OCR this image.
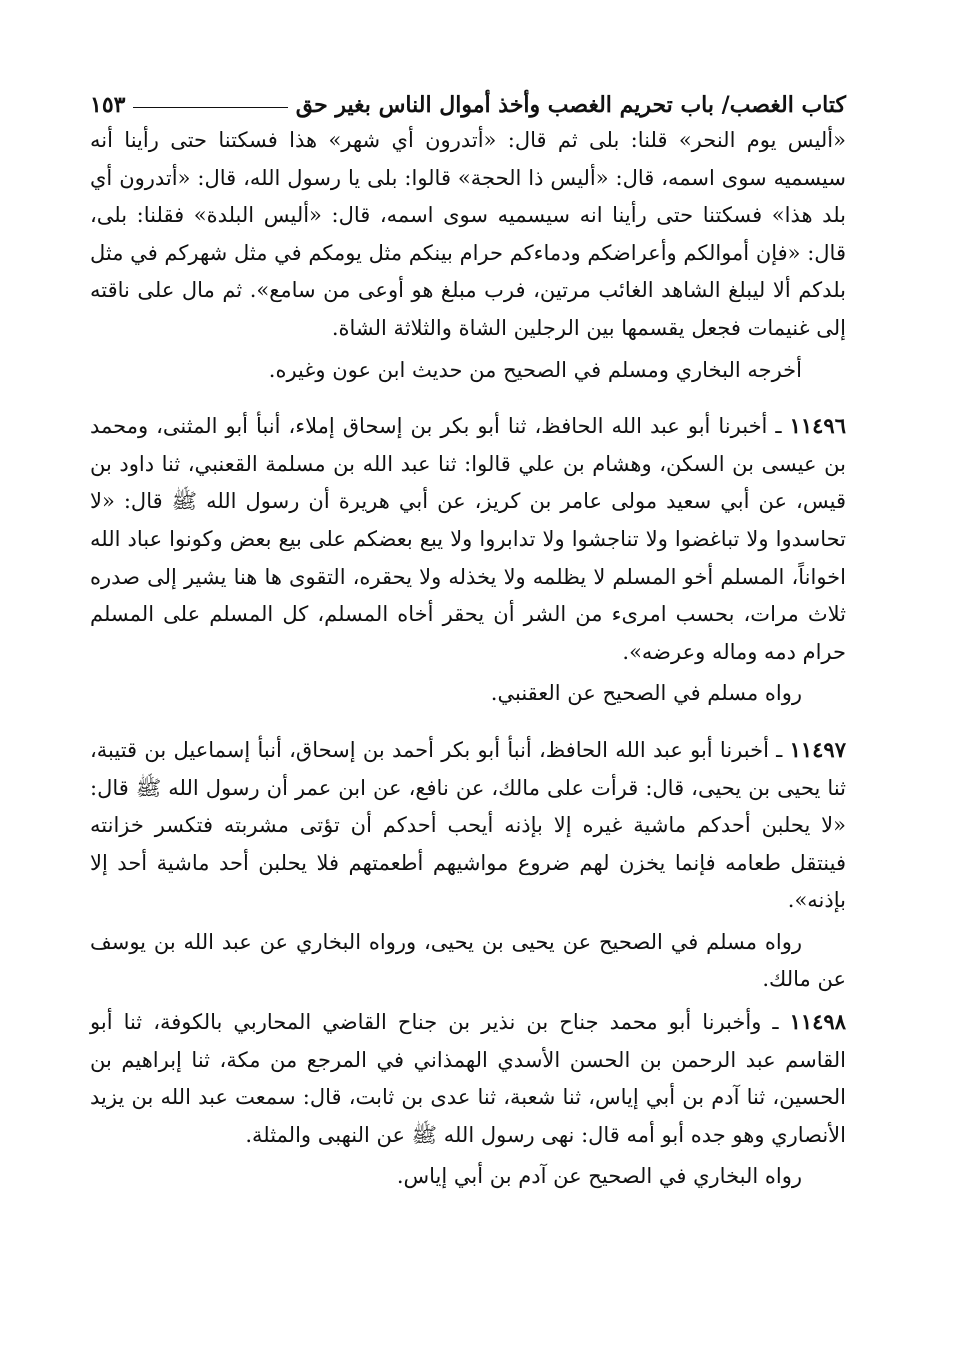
كتاب الغصب/ باب تحريم الغصب وأخذ أموال الناس بغير حق
١٥٣

«أليس يوم النحر» قلنا: بلى ثم قال: «أتدرون أي شهر» هذا فسكتنا حتى رأينا أنه سيسميه سوى اسمه، قال: «أليس ذا الحجة» قالوا: بلى يا رسول الله، قال: «أتدرون أي بلد هذا» فسكتنا حتى رأينا انه سيسميه سوى اسمه، قال: «أليس البلدة» فقلنا: بلى، قال: «فإن أموالكم وأعراضكم ودماءكم حرام بينكم مثل يومكم في مثل شهركم في مثل بلدكم ألا ليبلغ الشاهد الغائب مرتين، فرب مبلغ هو أوعى من سامع». ثم مال على ناقته إلى غنيمات فجعل يقسمها بين الرجلين الشاة والثلاثة الشاة.

أخرجه البخاري ومسلم في الصحيح من حديث ابن عون وغيره.

١١٤٩٦ ـ أخبرنا أبو عبد الله الحافظ، ثنا أبو بكر بن إسحاق إملاء، أنبأ أبو المثنى، ومحمد بن عيسى بن السكن، وهشام بن علي قالوا: ثنا عبد الله بن مسلمة القعنبي، ثنا داود بن قيس، عن أبي سعيد مولى عامر بن كريز، عن أبي هريرة أن رسول الله ﷺ قال: «لا تحاسدوا ولا تباغضوا ولا تناجشوا ولا تدابروا ولا يبع بعضكم على بيع بعض وكونوا عباد الله اخواناً، المسلم أخو المسلم لا يظلمه ولا يخذله ولا يحقره، التقوى ها هنا يشير إلى صدره ثلاث مرات، بحسب امرىء من الشر أن يحقر أخاه المسلم، كل المسلم على المسلم حرام دمه وماله وعرضه».

رواه مسلم في الصحيح عن العقنبي.

١١٤٩٧ ـ أخبرنا أبو عبد الله الحافظ، أنبأ أبو بكر أحمد بن إسحاق، أنبأ إسماعيل بن قتيبة، ثنا يحيى بن يحيى، قال: قرأت على مالك، عن نافع، عن ابن عمر أن رسول الله ﷺ قال: «لا يحلبن أحدكم ماشية غيره إلا بإذنه أيحب أحدكم أن تؤتى مشربته فتكسر خزانته فينتقل طعامه فإنما يخزن لهم ضروع مواشيهم أطعمتهم فلا يحلبن أحد ماشية أحد إلا بإذنه».

رواه مسلم في الصحيح عن يحيى بن يحيى، ورواه البخاري عن عبد الله بن يوسف عن مالك.

١١٤٩٨ ـ وأخبرنا أبو محمد جناح بن نذير بن جناح القاضي المحاربي بالكوفة، ثنا أبو القاسم عبد الرحمن بن الحسن الأسدي الهمذاني في المرجع من مكة، ثنا إبراهيم بن الحسين، ثنا آدم بن أبي إياس، ثنا شعبة، ثنا عدى بن ثابت، قال: سمعت عبد الله بن يزيد الأنصاري وهو جده أبو أمه قال: نهى رسول الله ﷺ عن النهبى والمثلة.

رواه البخاري في الصحيح عن آدم بن أبي إياس.
